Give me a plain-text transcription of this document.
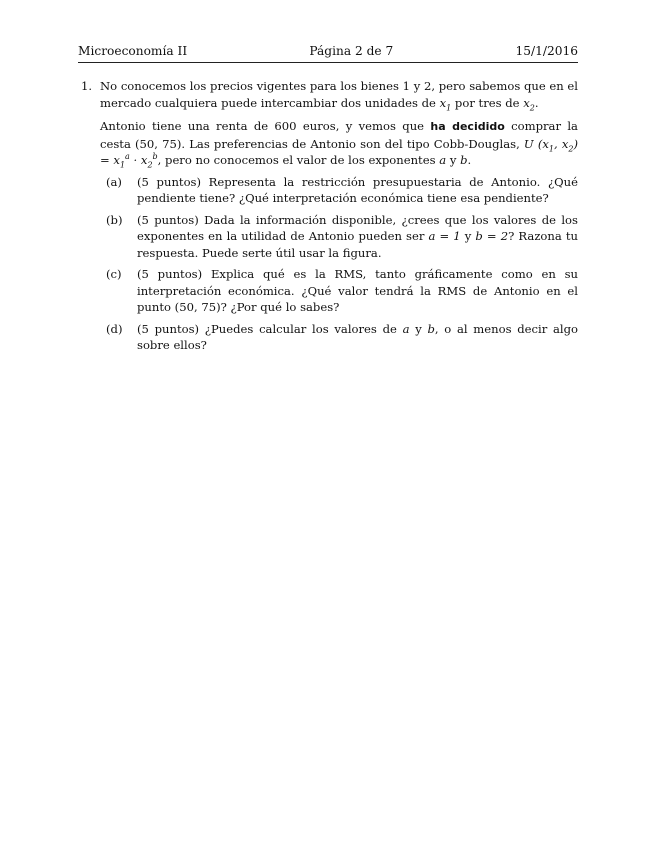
Microeconomía II	Página 2 de 7	15/1/2016
1. No conocemos los precios vigentes para los bienes 1 y 2, pero sabemos que en el mercado cualquiera puede intercambiar dos unidades de $x_1$ por tres de $x_2$.

Antonio tiene una renta de 600 euros, y vemos que ha decidido comprar la cesta (50, 75). Las preferencias de Antonio son del tipo Cobb-Douglas, U ($x_1$, $x_2) = x_1^a \cdot x_2^b$, pero no conocemos el valor de los exponentes a y b.

(a) (5 puntos) Representa la restricción presupuestaria de Antonio. ¿Qué pendiente tiene? ¿Qué interpretación económica tiene esa pendiente?
(b) (5 puntos) Dada la información disponible, ¿crees que los valores de los exponentes en la utilidad de Antonio pueden ser a = 1 y b = 2? Razona tu respuesta. Puede serte útil usar la figura.
(c) (5 puntos) Explica qué es la RMS, tanto gráficamente como en su interpretación económica. ¿Qué valor tendrá la RMS de Antonio en el punto (50, 75)? ¿Por qué lo sabes?
(d) (5 puntos) ¿Puedes calcular los valores de a y b, o al menos decir algo sobre ellos?
